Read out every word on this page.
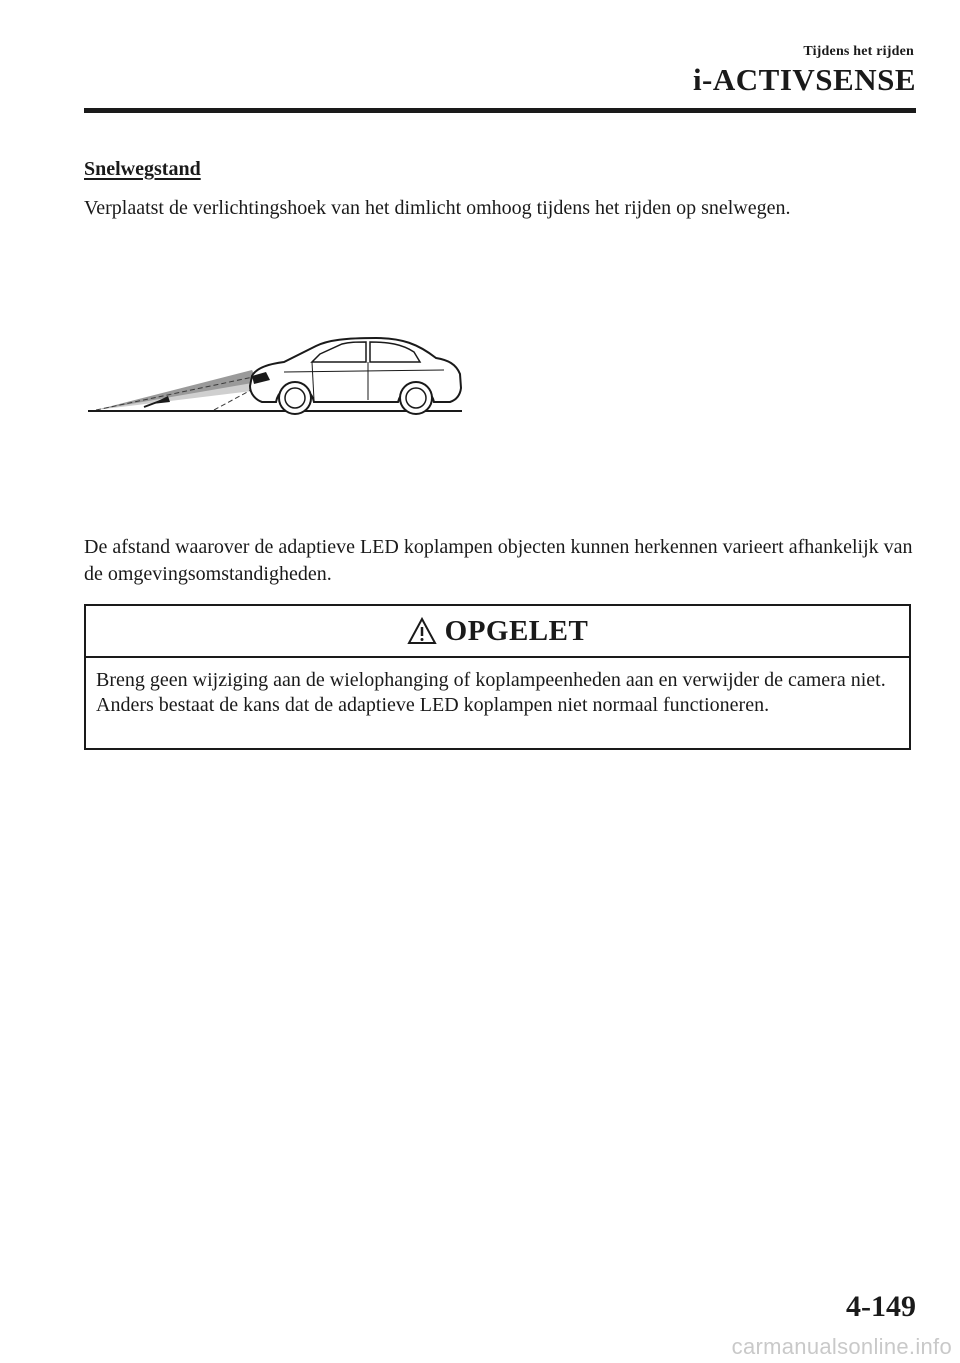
Tijdens het rijden
i-ACTIVSENSE
Snelwegstand
Verplaatst de verlichtingshoek van het dimlicht omhoog tijdens het rijden op snelwegen.
De afstand waarover de adaptieve LED koplampen objecten kunnen herkennen varieert afhankelijk van de omgevingsomstandigheden.
OPGELET
Breng geen wijziging aan de wielophanging of koplampeenheden aan en verwijder de camera niet. Anders bestaat de kans dat de adaptieve LED koplampen niet normaal functioneren.
4-149
carmanualsonline.info
